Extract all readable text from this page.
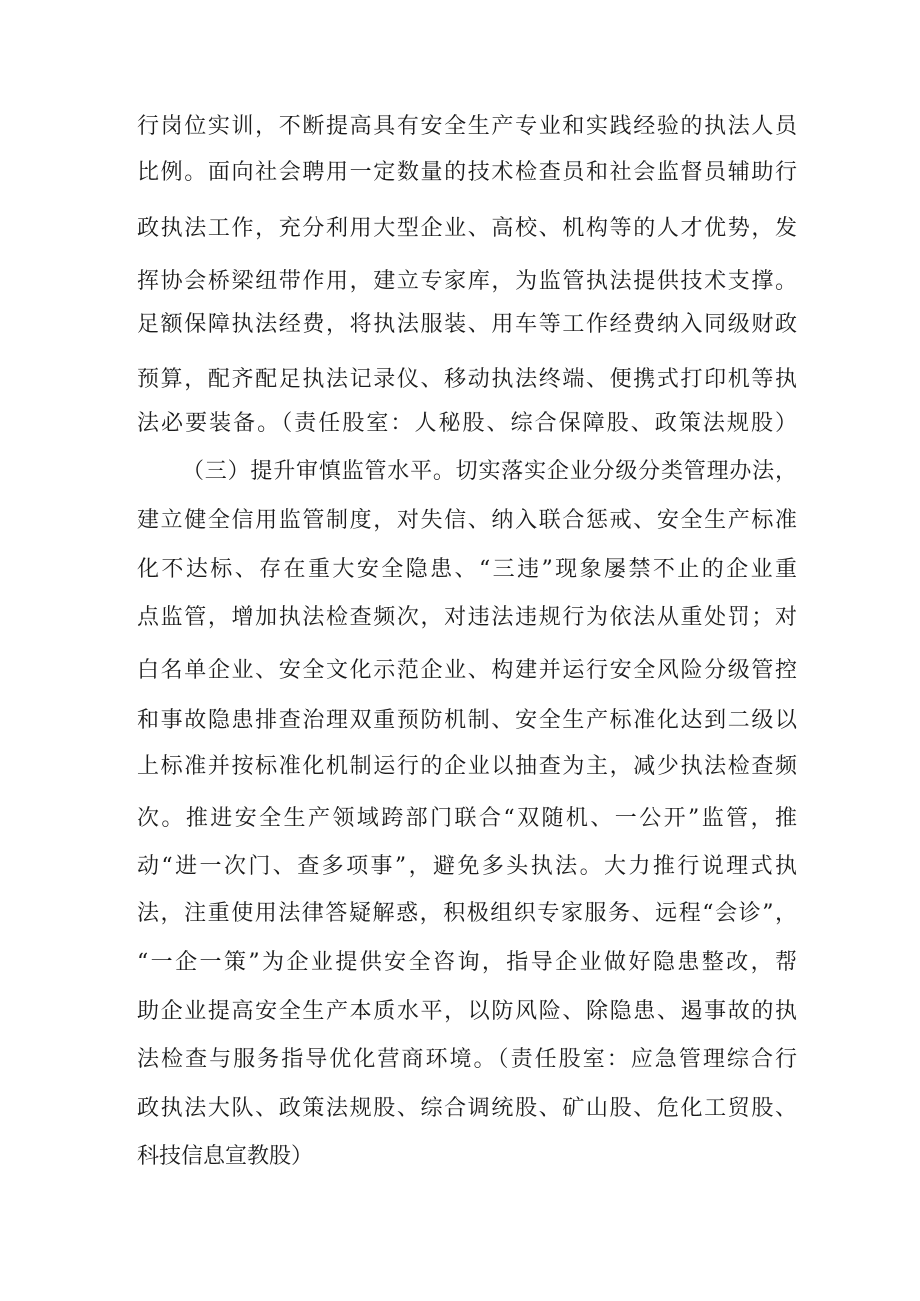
行岗位实训，不断提高具有安全生产专业和实践经验的执法人员
比例。面向社会聘用一定数量的技术检查员和社会监督员辅助行
政执法工作，充分利用大型企业、高校、机构等的人才优势，发
挥协会桥梁纽带作用，建立专家库，为监管执法提供技术支撑。
足额保障执法经费，将执法服装、用车等工作经费纳入同级财政
预算，配齐配足执法记录仪、移动执法终端、便携式打印机等执
法必要装备。（责任股室：人秘股、综合保障股、政策法规股）
（三）提升审慎监管水平。切实落实企业分级分类管理办法，
建立健全信用监管制度，对失信、纳入联合惩戒、安全生产标准
化不达标、存在重大安全隐患、“三违”现象屡禁不止的企业重
点监管，增加执法检查频次，对违法违规行为依法从重处罚；对
白名单企业、安全文化示范企业、构建并运行安全风险分级管控
和事故隐患排查治理双重预防机制、安全生产标准化达到二级以
上标准并按标准化机制运行的企业以抽查为主，减少执法检查频
次。推进安全生产领域跨部门联合“双随机、一公开”监管，推
动“进一次门、查多项事”，避免多头执法。大力推行说理式执
法，注重使用法律答疑解惑，积极组织专家服务、远程“会诊”，
“一企一策”为企业提供安全咨询，指导企业做好隐患整改，帮
助企业提高安全生产本质水平，以防风险、除隐患、遏事故的执
法检查与服务指导优化营商环境。（责任股室：应急管理综合行
政执法大队、政策法规股、综合调统股、矿山股、危化工贸股、
科技信息宣教股）
